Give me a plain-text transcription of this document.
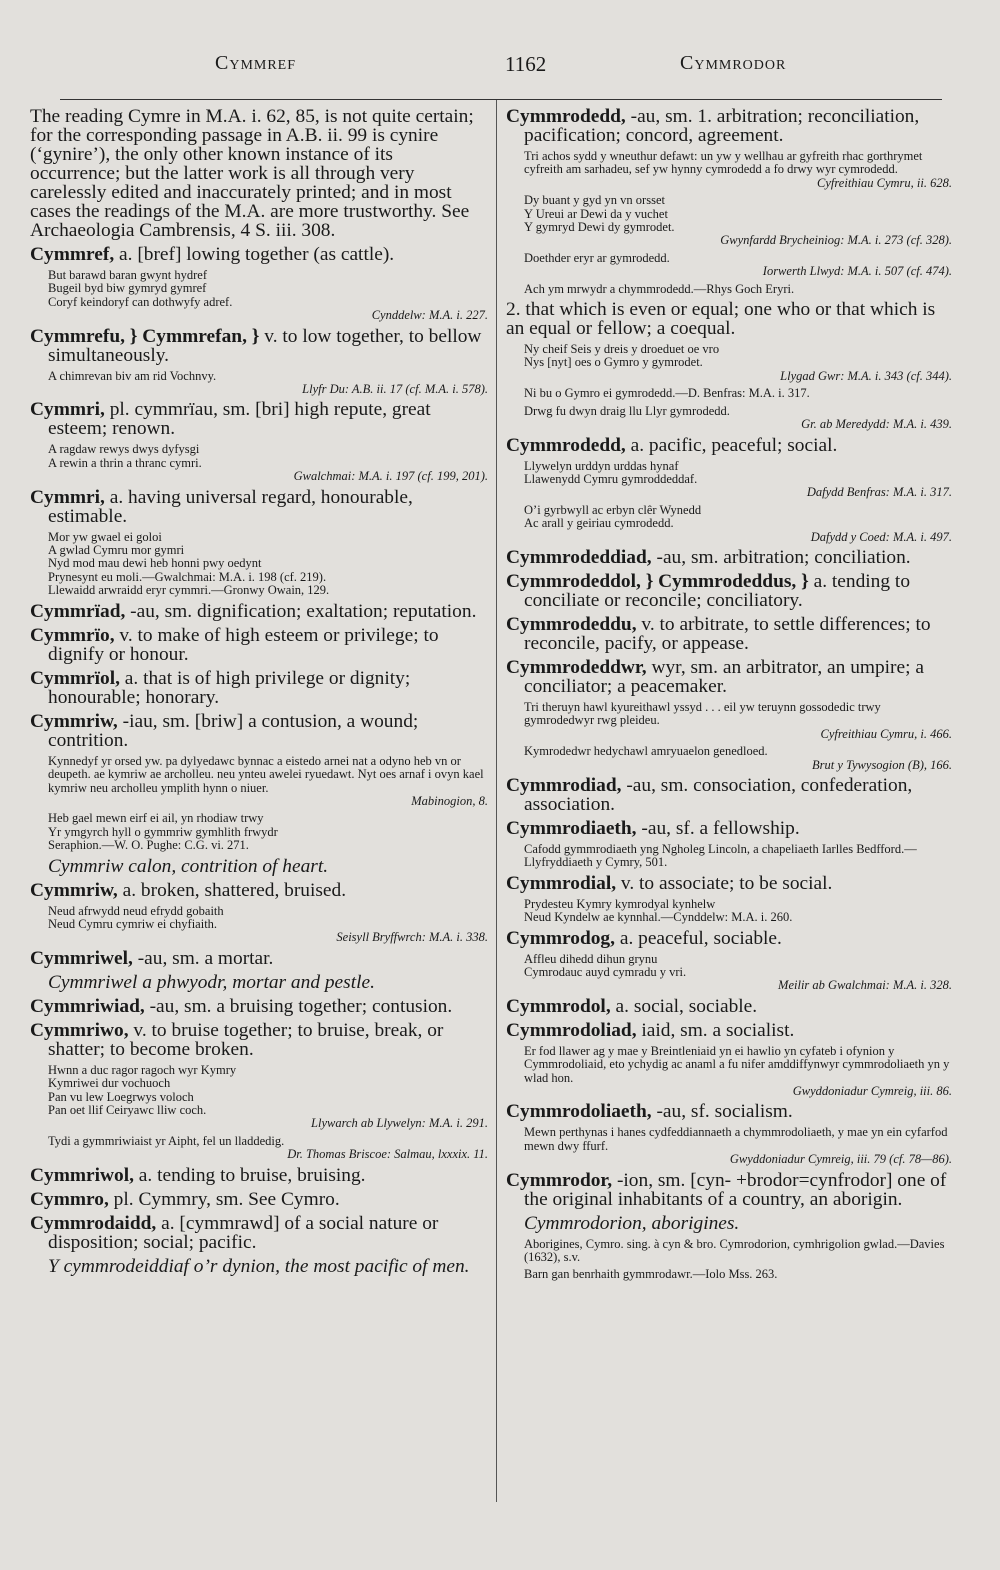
Cymmref	1162	Cymmrodor
The reading Cymre in M.A. i. 62, 85, is not quite certain; for the corresponding passage in A.B. ii. 99 is cynire (‘gynire’), the only other known instance of its occurrence; but the latter work is all through very carelessly edited and inaccurately printed; and in most cases the readings of the M.A. are more trustworthy. See Archaeologia Cambrensis, 4 S. iii. 308.
Cymmref, a. [bref] lowing together (as cattle).
But barawd baran gwynt hydref
Bugeil byd biw gymryd gymref
Coryf keindoryf can dothwyfy adref.
Cynddelw: M.A. i. 227.
Cymmrefu, } Cymmrefan, } v. to low together, to bellow simultaneously.
A chimrevan biv am rid Vochnvy.
Llyfr Du: A.B. ii. 17 (cf. M.A. i. 578).
Cymmri, pl. cymmrïau, sm. [bri] high repute, great esteem; renown.
A ragdaw rewys dwys dyfysgi
A rewin a thrin a thranc cymri.
Gwalchmai: M.A. i. 197 (cf. 199, 201).
Cymmri, a. having universal regard, honourable, estimable.
Mor yw gwael ei goloi
A gwlad Cymru mor gymri
Nyd mod mau dewi heb honni pwy oedynt
Prynesynt eu moli.—Gwalchmai: M.A. i. 198 (cf. 219).
Llewaidd arwraidd eryr cymmri.—Gronwy Owain, 129.
Cymmrïad, -au, sm. dignification; exaltation; reputation.
Cymmrïo, v. to make of high esteem or privilege; to dignify or honour.
Cymmrïol, a. that is of high privilege or dignity; honourable; honorary.
Cymmriw, -iau, sm. [briw] a contusion, a wound; contrition.
Kynnedyf yr orsed yw. pa dylyedawc bynnac a eistedo arnei nat a odyno heb vn or deupeth. ae kymriw ae archolleu. neu ynteu awelei ryuedawt. Nyt oes arnaf i ovyn kael kymriw neu archolleu ymplith hynn o niuer.
Mabinogion, 8.
Heb gael mewn eirf ei ail, yn rhodiaw trwy
Yr ymgyrch hyll o gymmriw gymhlith frwydr
Seraphion.—W. O. Pughe: C.G. vi. 271.
Cymmriw calon, contrition of heart.
Cymmriw, a. broken, shattered, bruised.
Neud afrwydd neud efrydd gobaith
Neud Cymru cymriw ei chyfiaith.
Seisyll Bryffwrch: M.A. i. 338.
Cymmriwel, -au, sm. a mortar.
Cymmriwel a phwyodr, mortar and pestle.
Cymmriwiad, -au, sm. a bruising together; contusion.
Cymmriwo, v. to bruise together; to bruise, break, or shatter; to become broken.
Hwnn a duc ragor ragoch wyr Kymry
Kymriwei dur vochuoch
Pan vu lew Loegrwys voloch
Pan oet llif Ceiryawc lliw coch.
Llywarch ab Llywelyn: M.A. i. 291.
Tydi a gymmriwiaist yr Aipht, fel un lladdedig.
Dr. Thomas Briscoe: Salmau, lxxxix. 11.
Cymmriwol, a. tending to bruise, bruising.
Cymmro, pl. Cymmry, sm. See Cymro.
Cymmrodaidd, a. [cymmrawd] of a social nature or disposition; social; pacific.
Y cymmrodeiddiaf o’r dynion, the most pacific of men.
Cymmrodedd, -au, sm. 1. arbitration; reconciliation, pacification; concord, agreement.
Tri achos sydd y wneuthur defawt: un yw y wellhau ar gyfreith rhac gorthrymet cyfreith am sarhadeu, sef yw hynny cymrodedd a fo drwy wyr cymrodedd.
Cyfreithiau Cymru, ii. 628.
Dy buant y gyd yn vn orsset
Y Ureui ar Dewi da y vuchet
Y gymryd Dewi dy gymrodet.
Gwynfardd Brycheiniog: M.A. i. 273 (cf. 328).
Doethder eryr ar gymrodedd.
Iorwerth Llwyd: M.A. i. 507 (cf. 474).
Ach ym mrwydr a chymmrodedd.—Rhys Goch Eryri.
2. that which is even or equal; one who or that which is an equal or fellow; a coequal.
Ny cheif Seis y dreis y droeduet oe vro
Nys [nyt] oes o Gymro y gymrodet.
Llygad Gwr: M.A. i. 343 (cf. 344).
Ni bu o Gymro ei gymrodedd.—D. Benfras: M.A. i. 317.
Drwg fu dwyn draig llu Llyr gymrodedd.
Gr. ab Meredydd: M.A. i. 439.
Cymmrodedd, a. pacific, peaceful; social.
Llywelyn urddyn urddas hynaf
Llawenydd Cymru gymroddeddaf.
Dafydd Benfras: M.A. i. 317.
O’i gyrbwyll ac erbyn clêr Wynedd
Ac arall y geiriau cymrodedd.
Dafydd y Coed: M.A. i. 497.
Cymmrodeddiad, -au, sm. arbitration; conciliation.
Cymmrodeddol, } Cymmrodeddus, } a. tending to conciliate or reconcile; conciliatory.
Cymmrodeddu, v. to arbitrate, to settle differences; to reconcile, pacify, or appease.
Cymmrodeddwr, wyr, sm. an arbitrator, an umpire; a conciliator; a peacemaker.
Tri theruyn hawl kyureithawl yssyd . . . eil yw teruynn gossodedic trwy gymrodedwyr rwg pleideu.
Cyfreithiau Cymru, i. 466.
Kymrodedwr hedychawl amryuaelon genedloed.
Brut y Tywysogion (B), 166.
Cymmrodiad, -au, sm. consociation, confederation, association.
Cymmrodiaeth, -au, sf. a fellowship.
Cafodd gymmrodiaeth yng Ngholeg Lincoln, a chapeliaeth Iarlles Bedfford.—Llyfryddiaeth y Cymry, 501.
Cymmrodial, v. to associate; to be social.
Prydesteu Kymry kymrodyal kynhelw
Neud Kyndelw ae kynnhal.—Cynddelw: M.A. i. 260.
Cymmrodog, a. peaceful, sociable.
Affleu dihedd dihun grynu
Cymrodauc auyd cymradu y vri.
Meilir ab Gwalchmai: M.A. i. 328.
Cymmrodol, a. social, sociable.
Cymmrodoliad, iaid, sm. a socialist.
Er fod llawer ag y mae y Breintleniaid yn ei hawlio yn cyfateb i ofynion y Cymmrodoliaid, eto ychydig ac anaml a fu nifer amddiffynwyr cymmrodoliaeth yn y wlad hon.
Gwyddoniadur Cymreig, iii. 86.
Cymmrodoliaeth, -au, sf. socialism.
Mewn perthynas i hanes cydfeddiannaeth a chymmrodoliaeth, y mae yn ein cyfarfod mewn dwy ffurf.
Gwyddoniadur Cymreig, iii. 79 (cf. 78—86).
Cymmrodor, -ion, sm. [cyn- +brodor=cynfrodor] one of the original inhabitants of a country, an aborigin.
Cymmrodorion, aborigines.
Aborigines, Cymro. sing. à cyn & bro. Cymrodorion, cymhrigolion gwlad.—Davies (1632), s.v.
Barn gan benrhaith gymmrodawr.—Iolo Mss. 263.
